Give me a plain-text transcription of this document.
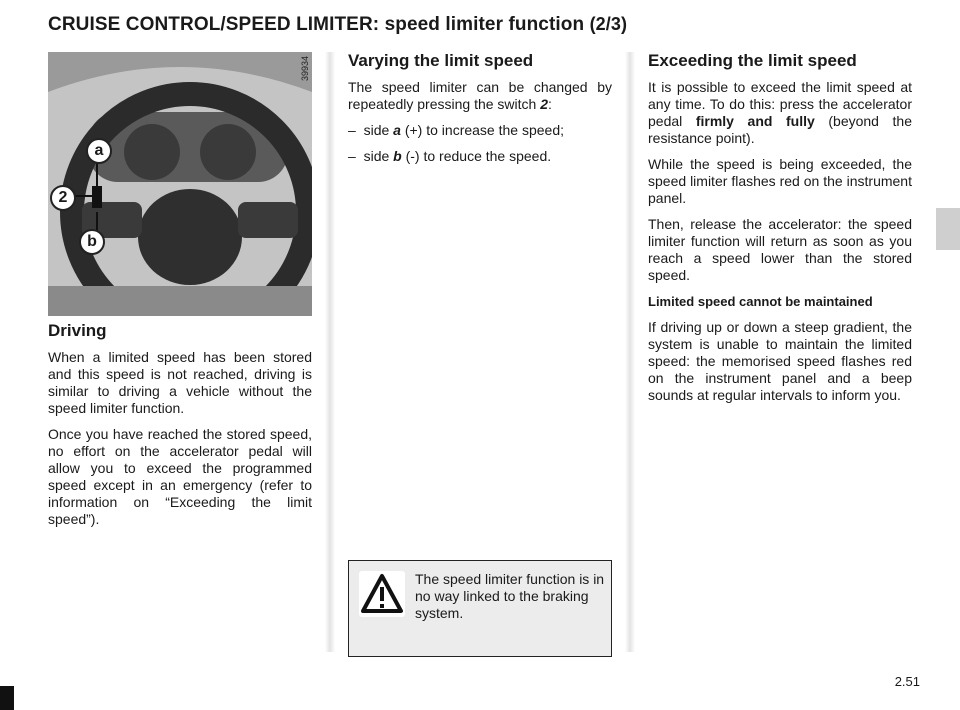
CRUISE CONTROL/SPEED LIMITER: speed limiter function (2/3)
a
2
b
39934
Driving

When a limited speed has been stored and this speed is not reached, driving is similar to driving a vehicle without the speed limiter function.

Once you have reached the stored speed, no effort on the accelerator pedal will allow you to exceed the programmed speed except in an emergency (refer to information on “Exceeding the limit speed”).

Varying the limit speed

The speed limiter can be changed by repeatedly pressing the switch 2:

– side a (+) to increase the speed;

– side b (-) to reduce the speed.

The speed limiter function is in no way linked to the braking system.
Exceeding the limit speed

It is possible to exceed the limit speed at any time. To do this: press the accelerator pedal firmly and fully (beyond the resistance point).

While the speed is being exceeded, the speed limiter flashes red on the instrument panel.

Then, release the accelerator: the speed limiter function will return as soon as you reach a speed lower than the stored speed.

Limited speed cannot be maintained

If driving up or down a steep gradient, the system is unable to maintain the limited speed: the memorised speed flashes red on the instrument panel and a beep sounds at regular intervals to inform you.

2.51
